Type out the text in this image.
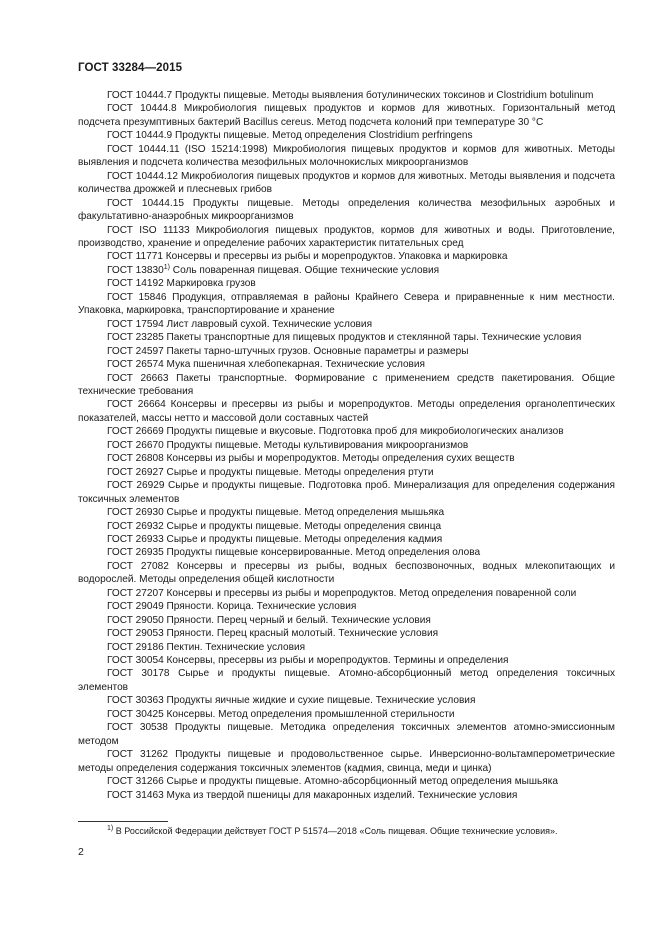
ГОСТ 33284—2015

ГОСТ 10444.7 Продукты пищевые. Методы выявления ботулинических токсинов и Clostridium botulinum

ГОСТ 10444.8 Микробиология пищевых продуктов и кормов для животных. Горизонтальный метод подсчета презумптивных бактерий Bacillus cereus. Метод подсчета колоний при температуре 30 °С

ГОСТ 10444.9 Продукты пищевые. Метод определения Clostridium perfringens

ГОСТ 10444.11 (ISO 15214:1998) Микробиология пищевых продуктов и кормов для животных. Методы выявления и подсчета количества мезофильных молочнокислых микроорганизмов

ГОСТ 10444.12 Микробиология пищевых продуктов и кормов для животных. Методы выявления и подсчета количества дрожжей и плесневых грибов

ГОСТ 10444.15 Продукты пищевые. Методы определения количества мезофильных аэробных и факультативно-анаэробных микроорганизмов

ГОСТ ISO 11133 Микробиология пищевых продуктов, кормов для животных и воды. Приготовление, производство, хранение и определение рабочих характеристик питательных сред

ГОСТ 11771 Консервы и пресервы из рыбы и морепродуктов. Упаковка и маркировка

ГОСТ 13830$^{1)}$ Соль поваренная пищевая. Общие технические условия

ГОСТ 14192 Маркировка грузов

ГОСТ 15846 Продукция, отправляемая в районы Крайнего Севера и приравненные к ним местности. Упаковка, маркировка, транспортирование и хранение

ГОСТ 17594 Лист лавровый сухой. Технические условия

ГОСТ 23285 Пакеты транспортные для пищевых продуктов и стеклянной тары. Технические условия

ГОСТ 24597 Пакеты тарно-штучных грузов. Основные параметры и размеры

ГОСТ 26574 Мука пшеничная хлебопекарная. Технические условия

ГОСТ 26663 Пакеты транспортные. Формирование с применением средств пакетирования. Общие технические требования

ГОСТ 26664 Консервы и пресервы из рыбы и морепродуктов. Методы определения органолептических показателей, массы нетто и массовой доли составных частей

ГОСТ 26669 Продукты пищевые и вкусовые. Подготовка проб для микробиологических анализов

ГОСТ 26670 Продукты пищевые. Методы культивирования микроорганизмов

ГОСТ 26808 Консервы из рыбы и морепродуктов. Методы определения сухих веществ

ГОСТ 26927 Сырье и продукты пищевые. Методы определения ртути

ГОСТ 26929 Сырье и продукты пищевые. Подготовка проб. Минерализация для определения содержания токсичных элементов

ГОСТ 26930 Сырье и продукты пищевые. Метод определения мышьяка

ГОСТ 26932 Сырье и продукты пищевые. Методы определения свинца

ГОСТ 26933 Сырье и продукты пищевые. Методы определения кадмия

ГОСТ 26935 Продукты пищевые консервированные. Метод определения олова

ГОСТ 27082 Консервы и пресервы из рыбы, водных беспозвоночных, водных млекопитающих и водорослей. Методы определения общей кислотности

ГОСТ 27207 Консервы и пресервы из рыбы и морепродуктов. Метод определения поваренной соли

ГОСТ 29049 Пряности. Корица. Технические условия

ГОСТ 29050 Пряности. Перец черный и белый. Технические условия

ГОСТ 29053 Пряности. Перец красный молотый. Технические условия

ГОСТ 29186 Пектин. Технические условия

ГОСТ 30054 Консервы, пресервы из рыбы и морепродуктов. Термины и определения

ГОСТ 30178 Сырье и продукты пищевые. Атомно-абсорбционный метод определения токсичных элементов

ГОСТ 30363 Продукты яичные жидкие и сухие пищевые. Технические условия

ГОСТ 30425 Консервы. Метод определения промышленной стерильности

ГОСТ 30538 Продукты пищевые. Методика определения токсичных элементов атомно-эмиссионным методом

ГОСТ 31262 Продукты пищевые и продовольственное сырье. Инверсионно-вольтамперометрические методы определения содержания токсичных элементов (кадмия, свинца, меди и цинка)

ГОСТ 31266 Сырье и продукты пищевые. Атомно-абсорбционный метод определения мышьяка

ГОСТ 31463 Мука из твердой пшеницы для макаронных изделий. Технические условия

$^{1)}$ В Российской Федерации действует ГОСТ Р 51574—2018 «Соль пищевая. Общие технические условия».
2
